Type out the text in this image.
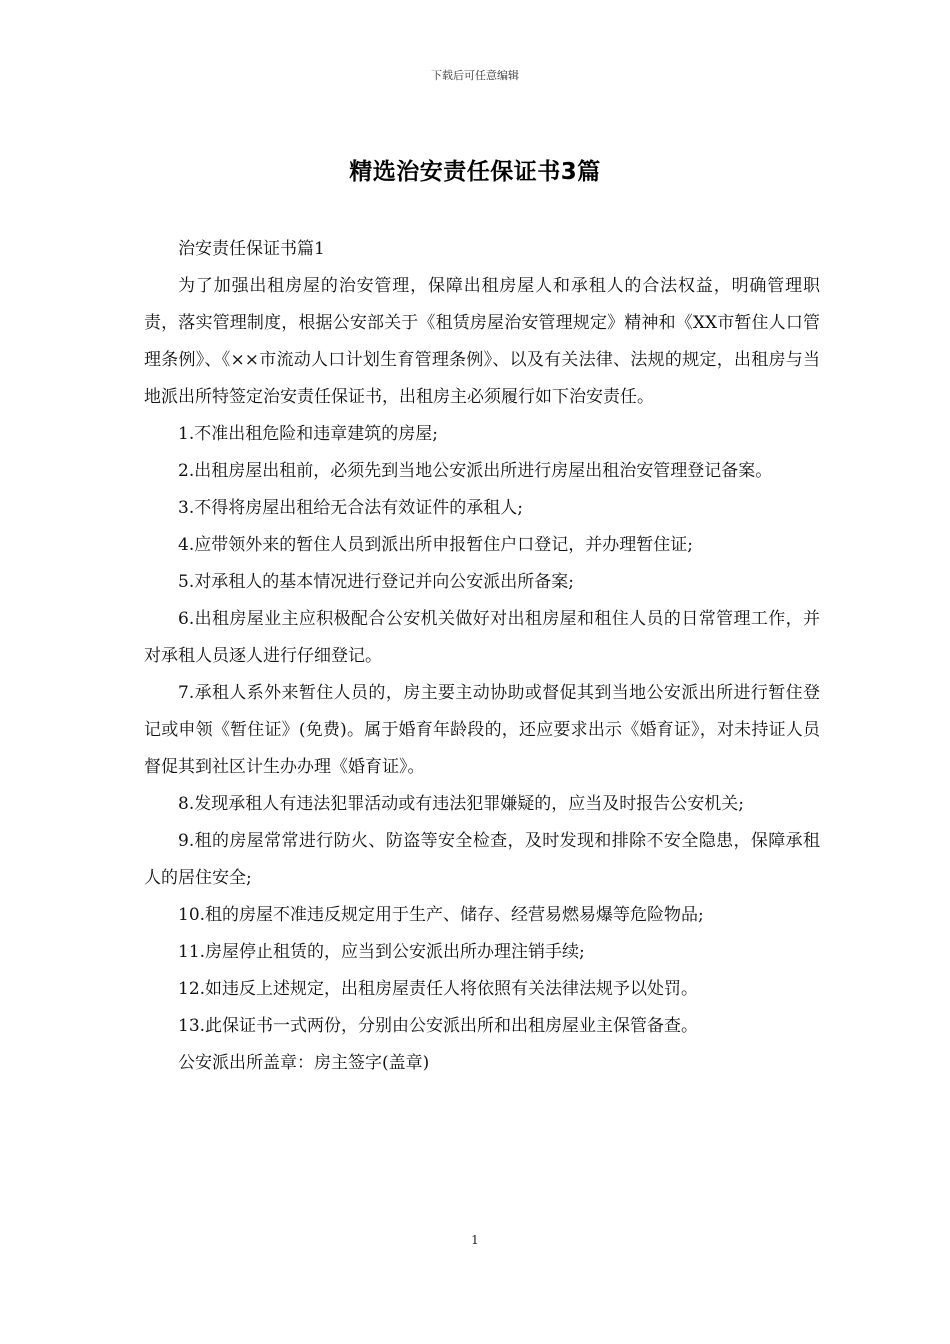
下载后可任意编辑
精选治安责任保证书3篇

治安责任保证书篇1

为了加强出租房屋的治安管理，保障出租房屋人和承租人的合法权益，明确管理职责，落实管理制度，根据公安部关于《租赁房屋治安管理规定》精神和《XX市暂住人口管理条例》、《××市流动人口计划生育管理条例》、以及有关法律、法规的规定，出租房与当地派出所特签定治安责任保证书，出租房主必须履行如下治安责任。

1.不准出租危险和违章建筑的房屋;

2.出租房屋出租前，必须先到当地公安派出所进行房屋出租治安管理登记备案。

3.不得将房屋出租给无合法有效证件的承租人;

4.应带领外来的暂住人员到派出所申报暂住户口登记，并办理暂住证;

5.对承租人的基本情况进行登记并向公安派出所备案;

6.出租房屋业主应积极配合公安机关做好对出租房屋和租住人员的日常管理工作，并对承租人员逐人进行仔细登记。

7.承租人系外来暂住人员的，房主要主动协助或督促其到当地公安派出所进行暂住登记或申领《暂住证》(免费)。属于婚育年龄段的，还应要求出示《婚育证》，对未持证人员督促其到社区计生办办理《婚育证》。

8.发现承租人有违法犯罪活动或有违法犯罪嫌疑的，应当及时报告公安机关;

9.租的房屋常常进行防火、防盗等安全检查，及时发现和排除不安全隐患，保障承租人的居住安全;

10.租的房屋不准违反规定用于生产、储存、经营易燃易爆等危险物品;

11.房屋停止租赁的，应当到公安派出所办理注销手续;

12.如违反上述规定，出租房屋责任人将依照有关法律法规予以处罚。

13.此保证书一式两份，分别由公安派出所和出租房屋业主保管备查。

公安派出所盖章：房主签字(盖章)

1
